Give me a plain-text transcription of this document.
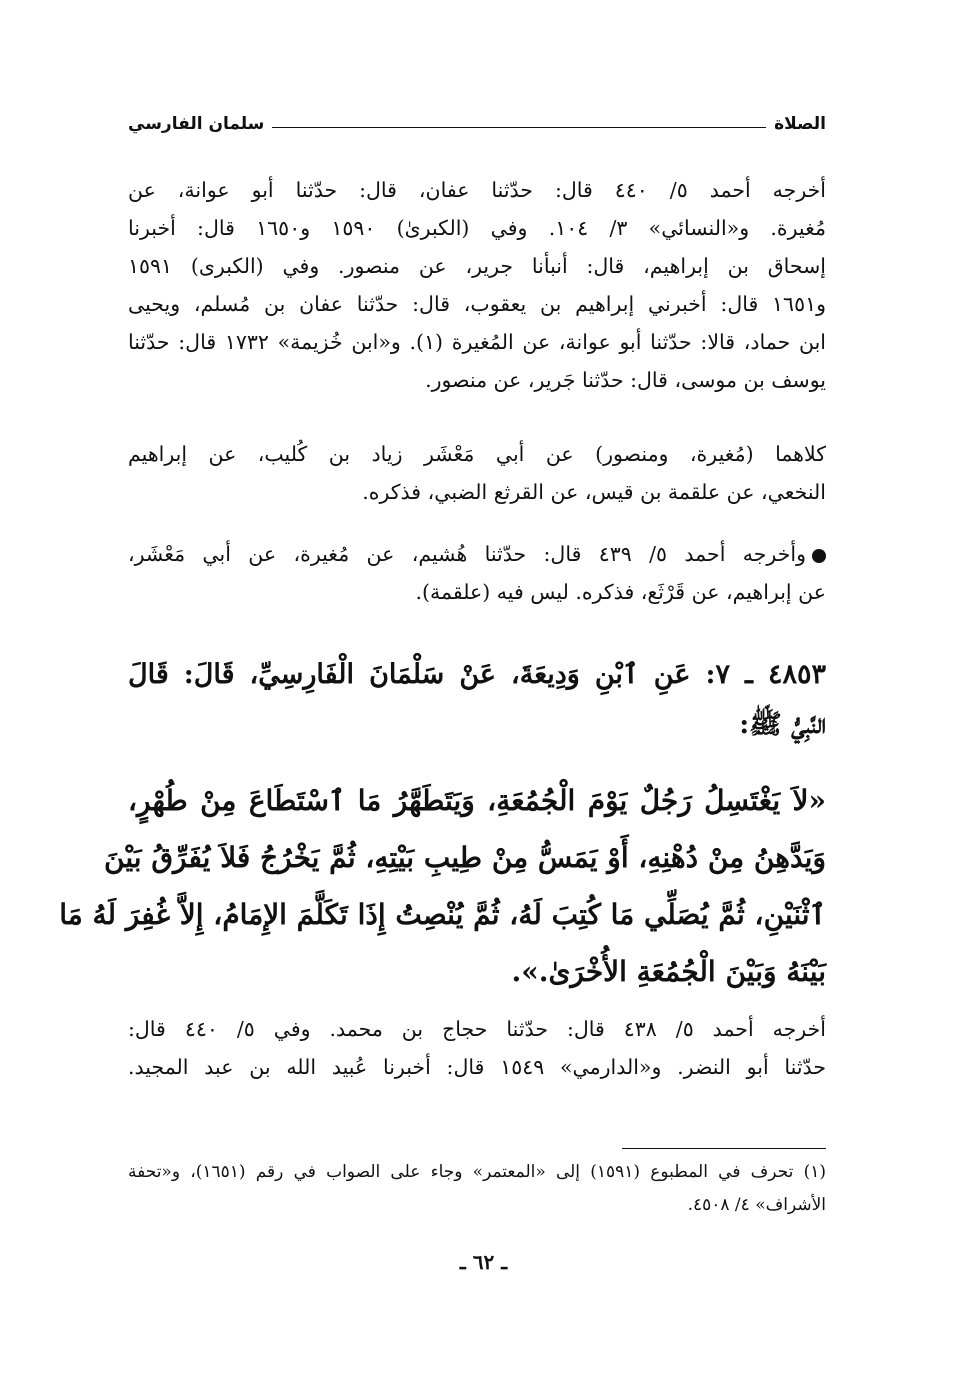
الصلاة
سلمان الفارسي
أخرجه أحمد ٥/ ٤٤٠ قال: حدّثنا عفان، قال: حدّثنا أبو عوانة، عن
مُغيرة. و«النسائي» ٣/ ١٠٤. وفي (الكبرىٰ) ١٥٩٠ و١٦٥٠ قال: أخبرنا
إسحاق بن إبراهيم، قال: أنبأنا جرير، عن منصور. وفي (الكبرى) ١٥٩١
و١٦٥١ قال: أخبرني إبراهيم بن يعقوب، قال: حدّثنا عفان بن مُسلم، ويحيى
ابن حماد، قالا: حدّثنا أبو عوانة، عن المُغيرة (١). و«ابن خُزيمة» ١٧٣٢ قال: حدّثنا
يوسف بن موسى، قال: حدّثنا جَرير، عن منصور.
كلاهما (مُغيرة، ومنصور) عن أبي مَعْشَر زياد بن كُليب، عن إبراهيم
النخعي، عن علقمة بن قيس، عن القرثع الضبي، فذكره.
وأخرجه أحمد ٥/ ٤٣٩ قال: حدّثنا هُشيم، عن مُغيرة، عن أبي مَعْشَر،
عن إبراهيم، عن قَرْثَع، فذكره. ليس فيه (علقمة).
٤٨٥٣ ـ ٧: عَنِ ٱبْنِ وَدِيعَةَ، عَنْ سَلْمَانَ الْفَارِسِيِّ، قَالَ: قَالَ
النَّبِيُّ ﷺ:
«لاَ يَغْتَسِلُ رَجُلٌ يَوْمَ الْجُمُعَةِ، وَيَتَطَهَّرُ مَا ٱسْتَطَاعَ مِنْ طُهْرٍ،
وَيَدَّهِنُ مِنْ دُهْنِهِ، أَوْ يَمَسُّ مِنْ طِيبِ بَيْتِهِ، ثُمَّ يَخْرُجُ فَلاَ يُفَرِّقُ بَيْنَ
ٱثْنَيْنِ، ثُمَّ يُصَلِّي مَا كُتِبَ لَهُ، ثُمَّ يُنْصِتُ إِذَا تَكَلَّمَ الإِمَامُ، إِلاَّ غُفِرَ لَهُ مَا
بَيْنَهُ وَبَيْنَ الْجُمُعَةِ الأُخْرَىٰ.».
أخرجه أحمد ٥/ ٤٣٨ قال: حدّثنا حجاج بن محمد. وفي ٥/ ٤٤٠ قال:
حدّثنا أبو النضر. و«الدارمي» ١٥٤٩ قال: أخبرنا عُبيد الله بن عبد المجيد.
(١) تحرف في المطبوع (١٥٩١) إلى «المعتمر» وجاء على الصواب في رقم (١٦٥١)، و«تحفة
الأشراف» ٤/ ٤٥٠٨.
ـ ٦٢ ـ
